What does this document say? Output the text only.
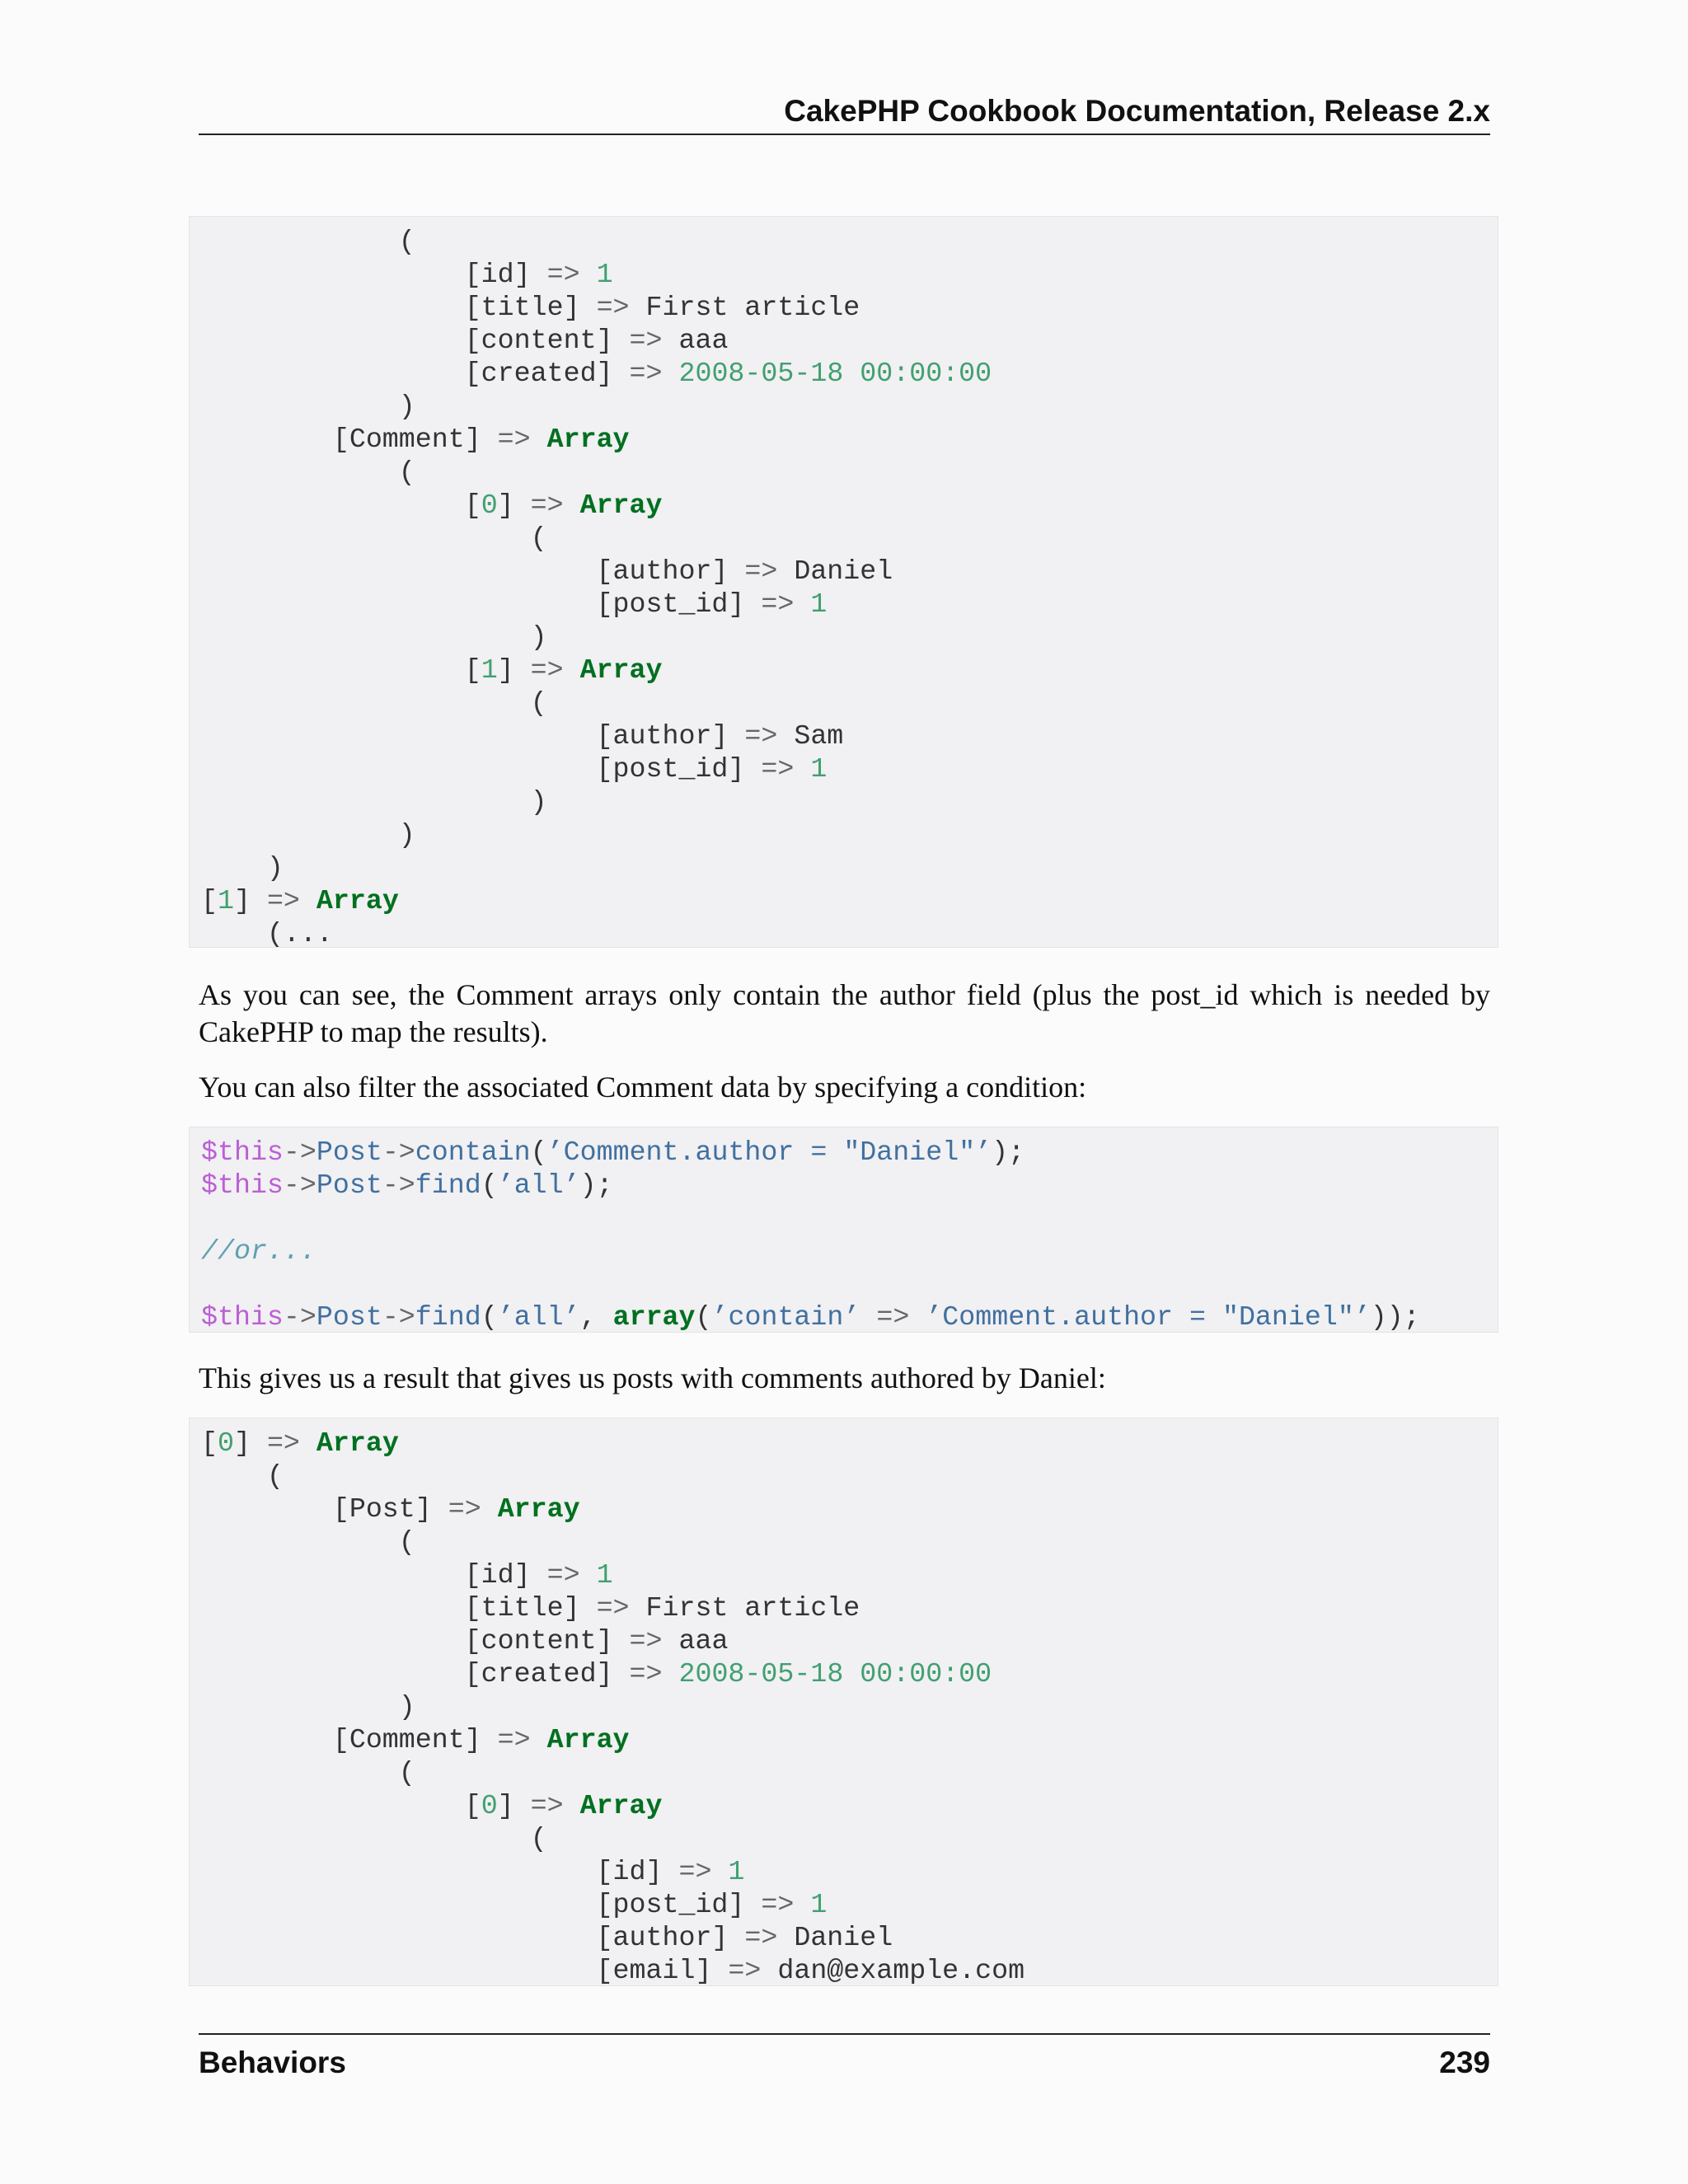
CakePHP Cookbook Documentation, Release 2.x
(
[id] => 1
[title] => First article
[content] => aaa
[created] => 2008-05-18 00:00:00
)
[Comment] => Array
(
[0] => Array
(
[author] => Daniel
[post_id] => 1
)
[1] => Array
(
[author] => Sam
[post_id] => 1
)
)
)
[1] => Array
(...
As you can see, the Comment arrays only contain the author field (plus the post_id which is needed by CakePHP to map the results).
You can also filter the associated Comment data by specifying a condition:
$this->Post->contain(’Comment.author = "Daniel"’);
$this->Post->find(’all’);

//or...

$this->Post->find(’all’, array(’contain’ => ’Comment.author = "Daniel"’));
This gives us a result that gives us posts with comments authored by Daniel:
[0] => Array
(
[Post] => Array
(
[id] => 1
[title] => First article
[content] => aaa
[created] => 2008-05-18 00:00:00
)
[Comment] => Array
(
[0] => Array
(
[id] => 1
[post_id] => 1
[author] => Daniel
[email] => dan@example.com
Behaviors	239
